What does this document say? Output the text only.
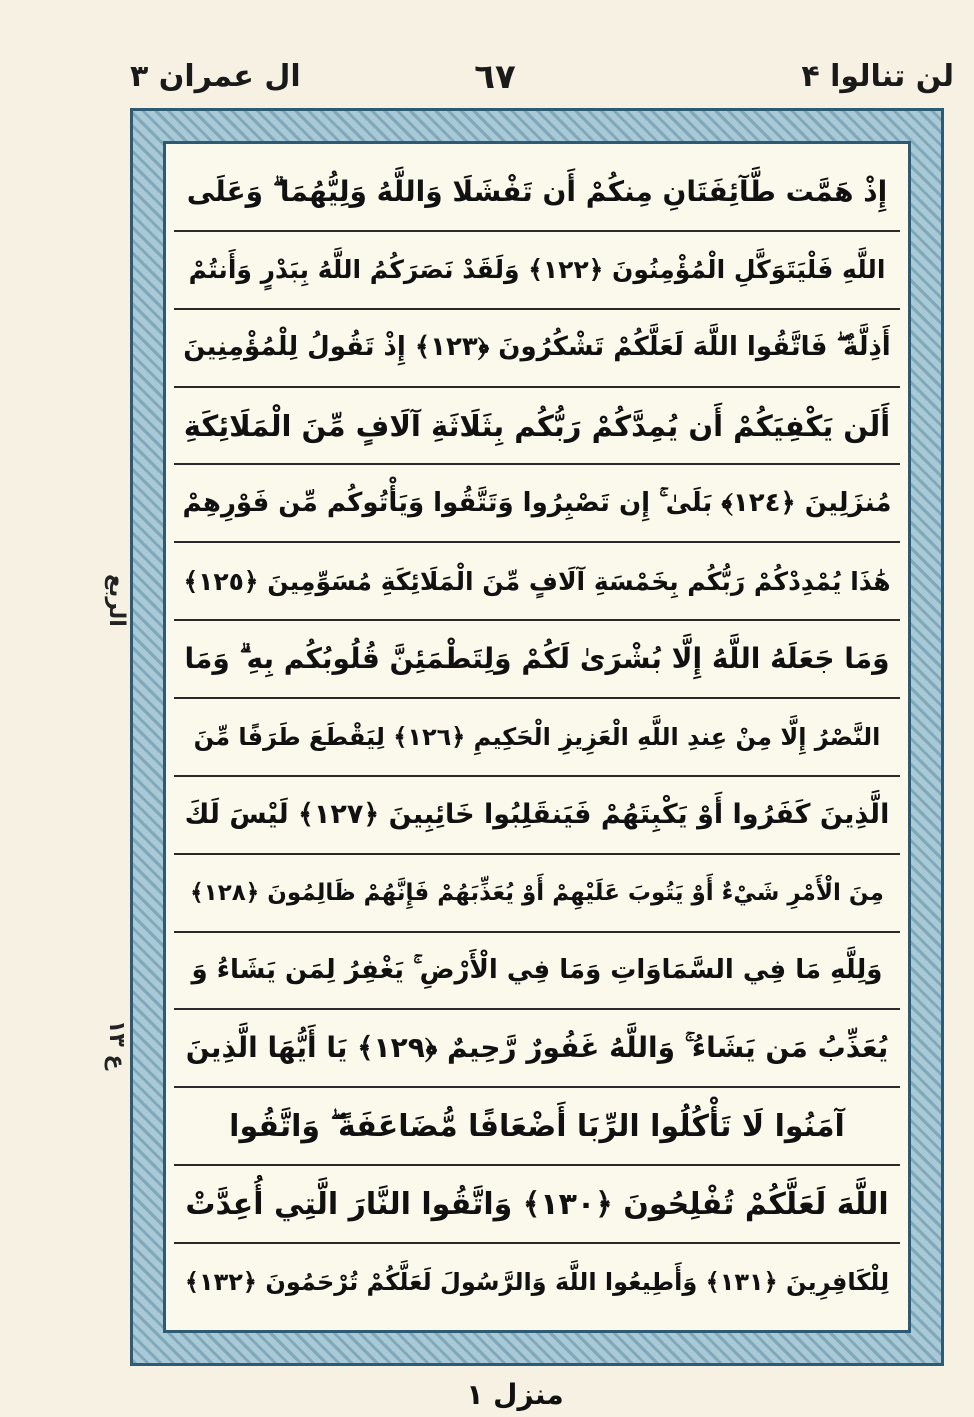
لن تنالوا ۴
٦٧
ال عمران ٣
الربع
ع ۱۳
إِذْ هَمَّت طَّآئِفَتَانِ مِنكُمْ أَن تَفْشَلَا وَاللَّهُ وَلِيُّهُمَا ۗ وَعَلَى
اللَّهِ فَلْيَتَوَكَّلِ الْمُؤْمِنُونَ ﴿١٢٢﴾ وَلَقَدْ نَصَرَكُمُ اللَّهُ بِبَدْرٍ وَأَنتُمْ
أَذِلَّةٌ ۖ فَاتَّقُوا اللَّهَ لَعَلَّكُمْ تَشْكُرُونَ ﴿١٢٣﴾ إِذْ تَقُولُ لِلْمُؤْمِنِينَ
أَلَن يَكْفِيَكُمْ أَن يُمِدَّكُمْ رَبُّكُم بِثَلَاثَةِ آلَافٍ مِّنَ الْمَلَائِكَةِ
مُنزَلِينَ ﴿١٢٤﴾ بَلَىٰ ۚ إِن تَصْبِرُوا وَتَتَّقُوا وَيَأْتُوكُم مِّن فَوْرِهِمْ
هَٰذَا يُمْدِدْكُمْ رَبُّكُم بِخَمْسَةِ آلَافٍ مِّنَ الْمَلَائِكَةِ مُسَوِّمِينَ ﴿١٢٥﴾
وَمَا جَعَلَهُ اللَّهُ إِلَّا بُشْرَىٰ لَكُمْ وَلِتَطْمَئِنَّ قُلُوبُكُم بِهِ ۗ وَمَا
النَّصْرُ إِلَّا مِنْ عِندِ اللَّهِ الْعَزِيزِ الْحَكِيمِ ﴿١٢٦﴾ لِيَقْطَعَ طَرَفًا مِّنَ
الَّذِينَ كَفَرُوا أَوْ يَكْبِتَهُمْ فَيَنقَلِبُوا خَائِبِينَ ﴿١٢٧﴾ لَيْسَ لَكَ
مِنَ الْأَمْرِ شَيْءٌ أَوْ يَتُوبَ عَلَيْهِمْ أَوْ يُعَذِّبَهُمْ فَإِنَّهُمْ ظَالِمُونَ ﴿١٢٨﴾
وَلِلَّهِ مَا فِي السَّمَاوَاتِ وَمَا فِي الْأَرْضِ ۚ يَغْفِرُ لِمَن يَشَاءُ وَ
يُعَذِّبُ مَن يَشَاءُ ۚ وَاللَّهُ غَفُورٌ رَّحِيمٌ ﴿١٢٩﴾ يَا أَيُّهَا الَّذِينَ
آمَنُوا لَا تَأْكُلُوا الرِّبَا أَضْعَافًا مُّضَاعَفَةً ۖ وَاتَّقُوا
اللَّهَ لَعَلَّكُمْ تُفْلِحُونَ ﴿١٣٠﴾ وَاتَّقُوا النَّارَ الَّتِي أُعِدَّتْ
لِلْكَافِرِينَ ﴿١٣١﴾ وَأَطِيعُوا اللَّهَ وَالرَّسُولَ لَعَلَّكُمْ تُرْحَمُونَ ﴿١٣٢﴾
منزل ۱
